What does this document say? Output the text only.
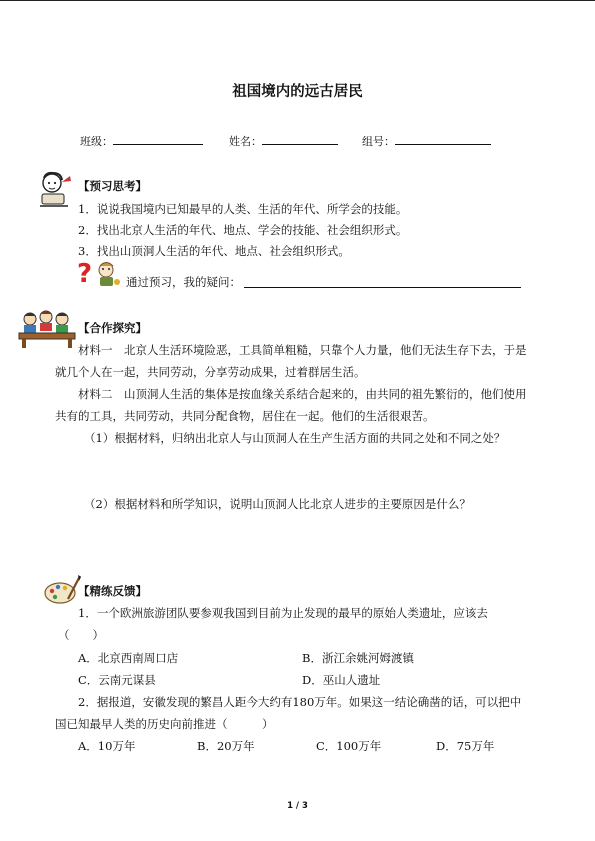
祖国境内的远古居民
班级：	姓名：	组号：
【预习思考】
1．说说我国境内已知最早的人类、生活的年代、所学会的技能。
2．找出北京人生活的年代、地点、学会的技能、社会组织形式。
3．找出山顶洞人生活的年代、地点、社会组织形式。
?	通过预习，我的疑问：
【合作探究】
材料一　北京人生活环境险恶，工具简单粗糙，只靠个人力量，他们无法生存下去，于是
就几个人在一起，共同劳动，分享劳动成果，过着群居生活。
材料二　山顶洞人生活的集体是按血缘关系结合起来的，由共同的祖先繁衍的，他们使用
共有的工具，共同劳动，共同分配食物，居住在一起。他们的生活很艰苦。
（1）根据材料，归纳出北京人与山顶洞人在生产生活方面的共同之处和不同之处？
（2）根据材料和所学知识，说明山顶洞人比北京人进步的主要原因是什么？
【精练反馈】
1．一个欧洲旅游团队要参观我国到目前为止发现的最早的原始人类遗址，应该去
（　　）
A．北京西南周口店	B．浙江余姚河姆渡镇
C．云南元谋县	D．巫山人遗址
2．据报道，安徽发现的繁昌人距今大约有180万年。如果这一结论确凿的话，可以把中
国已知最早人类的历史向前推进（　　　）
A．10万年	B．20万年	C．100万年	D．75万年
1 / 3
